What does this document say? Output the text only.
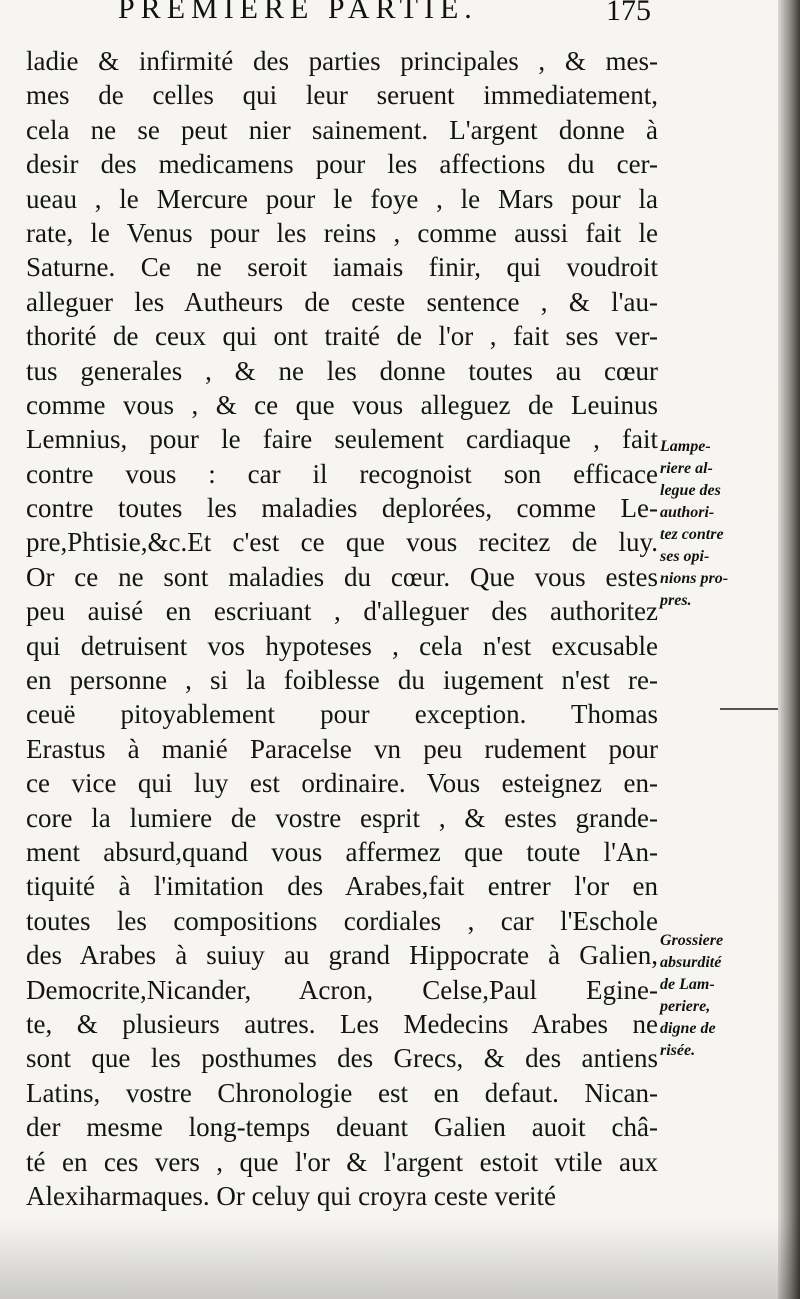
PREMIERE PARTIE.	175
ladie & infirmité des parties principales , & mes-
mes de celles qui leur seruent immediatement,
cela ne se peut nier sainement. L'argent donne à
desir des medicamens pour les affections du cer-
ueau , le Mercure pour le foye , le Mars pour la
rate, le Venus pour les reins , comme aussi fait le
Saturne. Ce ne seroit iamais finir, qui voudroit
alleguer les Autheurs de ceste sentence , & l'au-
thorité de ceux qui ont traité de l'or , fait ses ver-
tus generales , & ne les donne toutes au cœur
comme vous , & ce que vous alleguez de Leuinus
Lemnius, pour le faire seulement cardiaque , fait
contre vous : car il recognoist son efficace
contre toutes les maladies deplorées, comme Le-
pre,Phtisie,&c.Et c'est ce que vous recitez de luy.
Or ce ne sont maladies du cœur. Que vous estes
peu auisé en escriuant , d'alleguer des authoritez
qui detruisent vos hypoteses , cela n'est excusable
en personne , si la foiblesse du iugement n'est re-
ceuë pitoyablement pour exception. Thomas
Erastus à manié Paracelse vn peu rudement pour
ce vice qui luy est ordinaire. Vous esteignez en-
core la lumiere de vostre esprit , & estes grande-
ment absurd,quand vous affermez que toute l'An-
tiquité à l'imitation des Arabes,fait entrer l'or en
toutes les compositions cordiales , car l'Eschole
des Arabes à suiuy au grand Hippocrate à Galien,
Democrite,Nicander, Acron, Celse,Paul Egine-
te, & plusieurs autres. Les Medecins Arabes ne
sont que les posthumes des Grecs, & des antiens
Latins, vostre Chronologie est en defaut. Nican-
der mesme long-temps deuant Galien auoit châ-
té en ces vers , que l'or & l'argent estoit vtile aux
Alexiharmaques. Or celuy qui croyra ceste verité
Lampe-
riere al-
legue des
authori-
tez contre
ses opi-
nions pro-
pres.
Grossiere
absurdité
de Lam-
periere,
digne de
risée.
